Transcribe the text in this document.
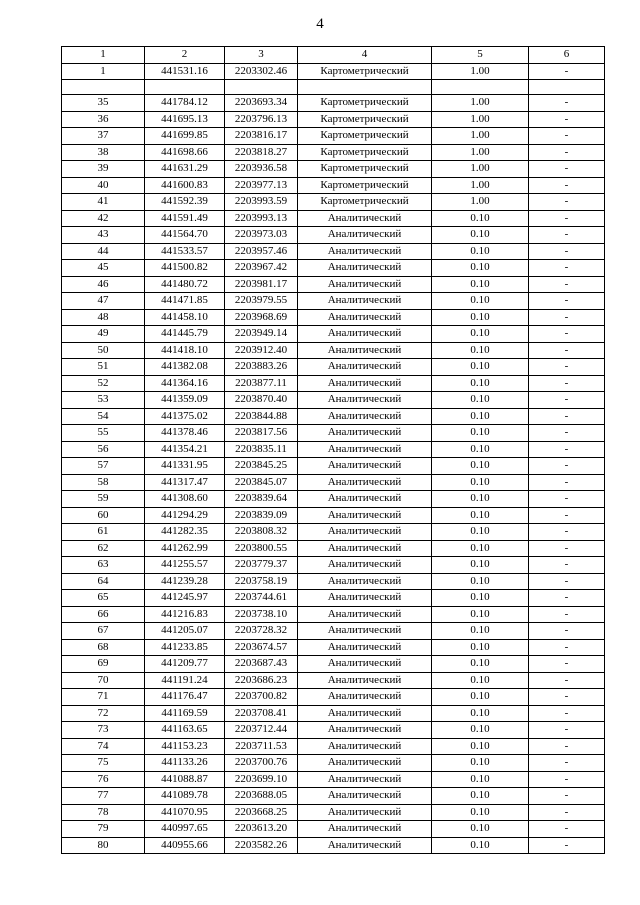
4
1	2	3	4	5	6
1	441531.16	2203302.46	Картометрический	1.00	-

35	441784.12	2203693.34	Картометрический	1.00	-
36	441695.13	2203796.13	Картометрический	1.00	-
37	441699.85	2203816.17	Картометрический	1.00	-
38	441698.66	2203818.27	Картометрический	1.00	-
39	441631.29	2203936.58	Картометрический	1.00	-
40	441600.83	2203977.13	Картометрический	1.00	-
41	441592.39	2203993.59	Картометрический	1.00	-
42	441591.49	2203993.13	Аналитический	0.10	-
43	441564.70	2203973.03	Аналитический	0.10	-
44	441533.57	2203957.46	Аналитический	0.10	-
45	441500.82	2203967.42	Аналитический	0.10	-
46	441480.72	2203981.17	Аналитический	0.10	-
47	441471.85	2203979.55	Аналитический	0.10	-
48	441458.10	2203968.69	Аналитический	0.10	-
49	441445.79	2203949.14	Аналитический	0.10	-
50	441418.10	2203912.40	Аналитический	0.10	-
51	441382.08	2203883.26	Аналитический	0.10	-
52	441364.16	2203877.11	Аналитический	0.10	-
53	441359.09	2203870.40	Аналитический	0.10	-
54	441375.02	2203844.88	Аналитический	0.10	-
55	441378.46	2203817.56	Аналитический	0.10	-
56	441354.21	2203835.11	Аналитический	0.10	-
57	441331.95	2203845.25	Аналитический	0.10	-
58	441317.47	2203845.07	Аналитический	0.10	-
59	441308.60	2203839.64	Аналитический	0.10	-
60	441294.29	2203839.09	Аналитический	0.10	-
61	441282.35	2203808.32	Аналитический	0.10	-
62	441262.99	2203800.55	Аналитический	0.10	-
63	441255.57	2203779.37	Аналитический	0.10	-
64	441239.28	2203758.19	Аналитический	0.10	-
65	441245.97	2203744.61	Аналитический	0.10	-
66	441216.83	2203738.10	Аналитический	0.10	-
67	441205.07	2203728.32	Аналитический	0.10	-
68	441233.85	2203674.57	Аналитический	0.10	-
69	441209.77	2203687.43	Аналитический	0.10	-
70	441191.24	2203686.23	Аналитический	0.10	-
71	441176.47	2203700.82	Аналитический	0.10	-
72	441169.59	2203708.41	Аналитический	0.10	-
73	441163.65	2203712.44	Аналитический	0.10	-
74	441153.23	2203711.53	Аналитический	0.10	-
75	441133.26	2203700.76	Аналитический	0.10	-
76	441088.87	2203699.10	Аналитический	0.10	-
77	441089.78	2203688.05	Аналитический	0.10	-
78	441070.95	2203668.25	Аналитический	0.10	-
79	440997.65	2203613.20	Аналитический	0.10	-
80	440955.66	2203582.26	Аналитический	0.10	-
